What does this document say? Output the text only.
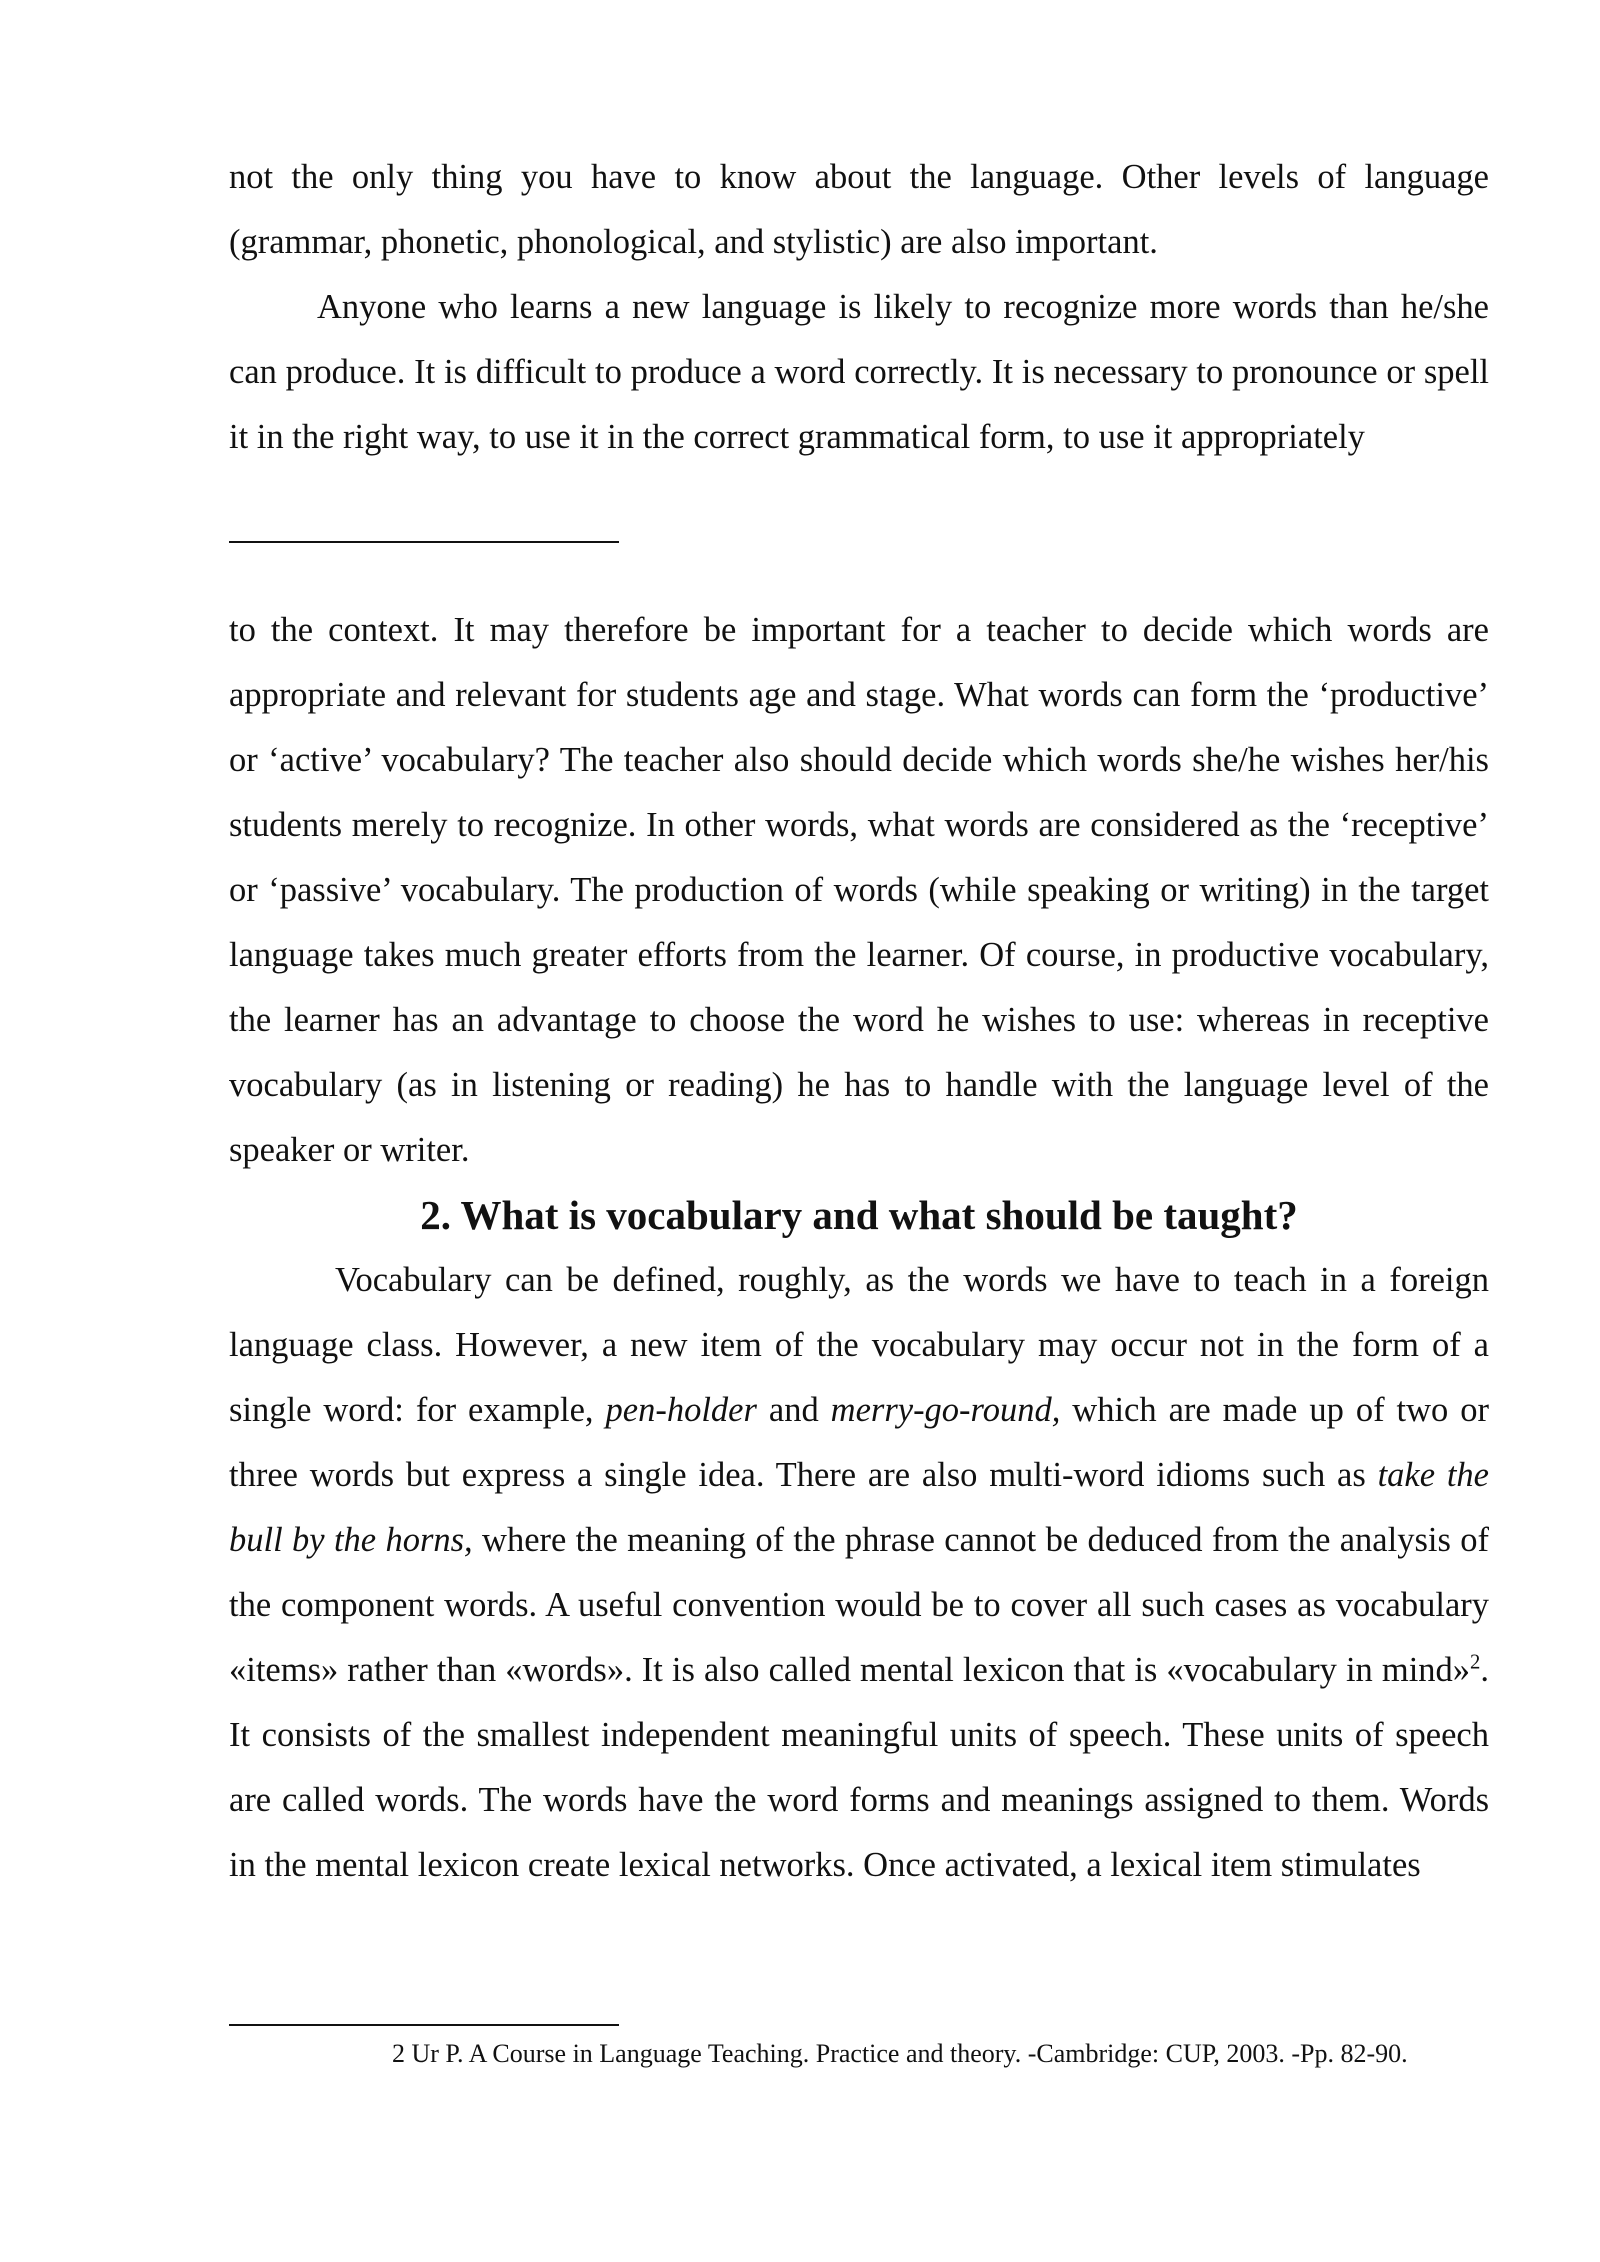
not the only thing you have to know about the language. Other levels of language (grammar, phonetic, phonological, and stylistic) are also important.

Anyone who learns a new language is likely to recognize more words than he/she can produce. It is difficult to produce a word correctly. It is necessary to pronounce or spell it in the right way, to use it in the correct grammatical form, to use it appropriately

to the context. It may therefore be important for a teacher to decide which words are appropriate and relevant for students age and stage. What words can form the ‘productive’ or ‘active’ vocabulary? The teacher also should decide which words she/he wishes her/his students merely to recognize. In other words, what words are considered as the ‘receptive’ or ‘passive’ vocabulary. The production of words (while speaking or writing) in the target language takes much greater efforts from the learner. Of course, in productive vocabulary, the learner has an advantage to choose the word he wishes to use: whereas in receptive vocabulary (as in listening or reading) he has to handle with the language level of the speaker or writer.

2. What is vocabulary and what should be taught?

Vocabulary can be defined, roughly, as the words we have to teach in a foreign language class. However, a new item of the vocabulary may occur not in the form of a single word: for example, pen-holder and merry-go-round, which are made up of two or three words but express a single idea. There are also multi-word idioms such as take the bull by the horns, where the meaning of the phrase cannot be deduced from the analysis of the component words. A useful convention would be to cover all such cases as vocabulary «items» rather than «words». It is also called mental lexicon that is «vocabulary in mind»$^2$. It consists of the smallest independent meaningful units of speech. These units of speech are called words. The words have the word forms and meanings assigned to them. Words in the mental lexicon create lexical networks. Once activated, a lexical item stimulates

2 Ur P. A Course in Language Teaching. Practice and theory. -Cambridge: CUP, 2003. -Pp. 82-90.
